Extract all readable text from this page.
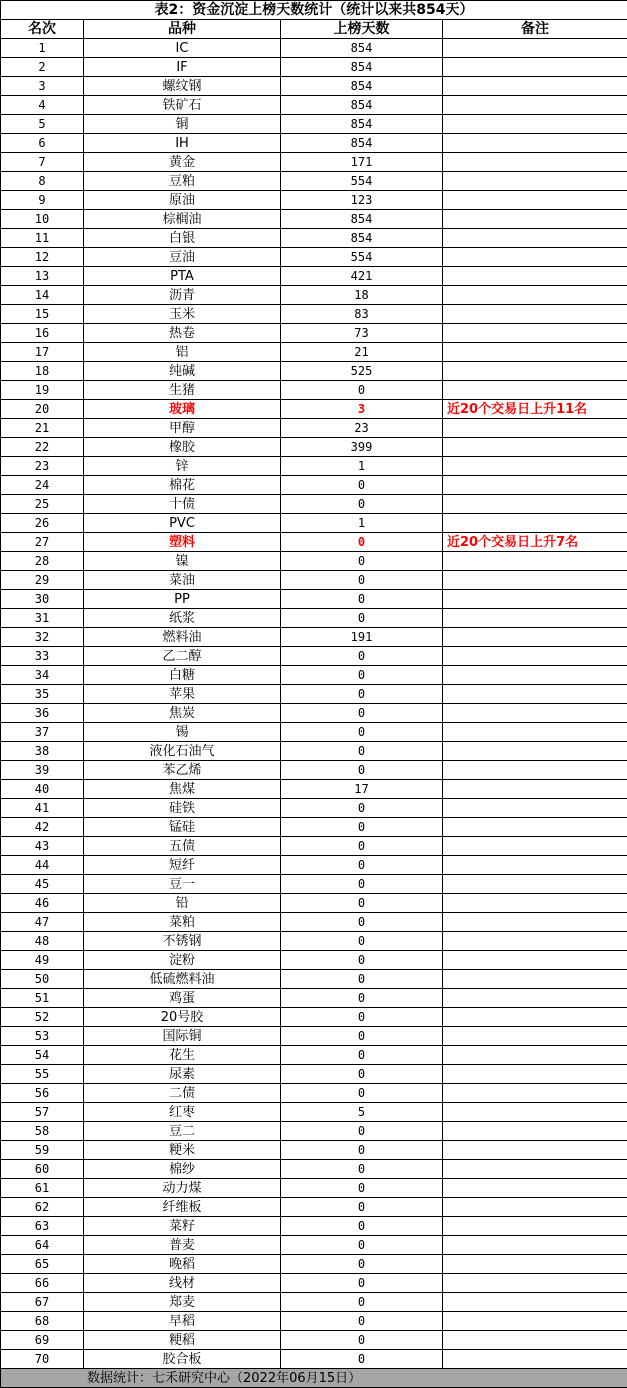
表2：资金沉淀上榜天数统计（统计以来共854天）			
名次	品种	上榜天数	备注
1	IC	854	
2	IF	854	
3	螺纹钢	854	
4	铁矿石	854	
5	铜	854	
6	IH	854	
7	黄金	171	
8	豆粕	554	
9	原油	123	
10	棕榈油	854	
11	白银	854	
12	豆油	554	
13	PTA	421	
14	沥青	18	
15	玉米	83	
16	热卷	73	
17	铝	21	
18	纯碱	525	
19	生猪	0	
20	玻璃	3	近20个交易日上升11名
21	甲醇	23	
22	橡胶	399	
23	锌	1	
24	棉花	0	
25	十债	0	
26	PVC	1	
27	塑料	0	近20个交易日上升7名
28	镍	0	
29	菜油	0	
30	PP	0	
31	纸浆	0	
32	燃料油	191	
33	乙二醇	0	
34	白糖	0	
35	苹果	0	
36	焦炭	0	
37	锡	0	
38	液化石油气	0	
39	苯乙烯	0	
40	焦煤	17	
41	硅铁	0	
42	锰硅	0	
43	五债	0	
44	短纤	0	
45	豆一	0	
46	铅	0	
47	菜粕	0	
48	不锈钢	0	
49	淀粉	0	
50	低硫燃料油	0	
51	鸡蛋	0	
52	20号胶	0	
53	国际铜	0	
54	花生	0	
55	尿素	0	
56	二债	0	
57	红枣	5	
58	豆二	0	
59	粳米	0	
60	棉纱	0	
61	动力煤	0	
62	纤维板	0	
63	菜籽	0	
64	普麦	0	
65	晚稻	0	
66	线材	0	
67	郑麦	0	
68	早稻	0	
69	粳稻	0	
70	胶合板	0	
数据统计：七禾研究中心（2022年06月15日）			
